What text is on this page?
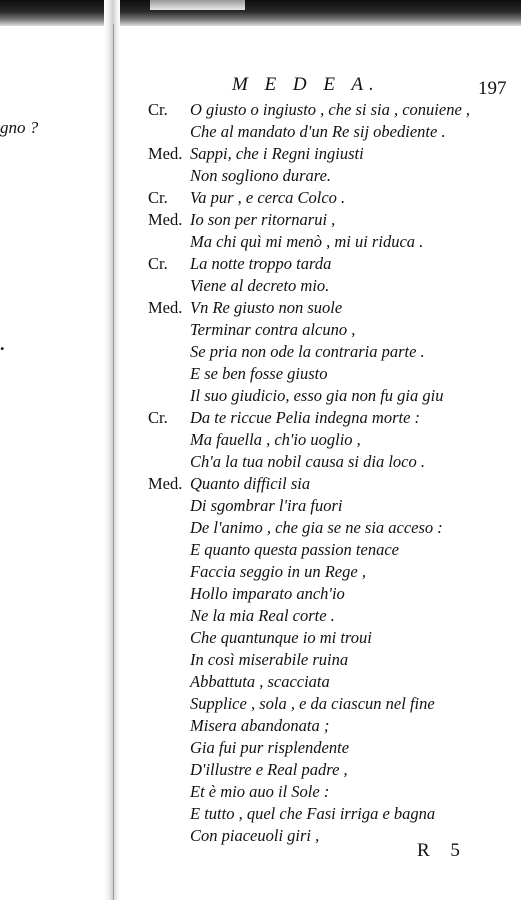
gno ?
.
M E D E A.	197
Cr. O giusto o ingiusto , che si sia , conuiene ,
Che al mandato d'un Re sij obediente .
Med. Sappi, che i Regni ingiusti
Non sogliono durare.
Cr. Va pur , e cerca Colco .
Med. Io son per ritornarui ,
Ma chi quì mi menò , mi ui riduca .
Cr. La notte troppo tarda
Viene al decreto mio.
Med. Vn Re giusto non suole
Terminar contra alcuno ,
Se pria non ode la contraria parte .
E se ben fosse giusto
Il suo giudicio, esso gia non fu gia giu
Cr. Da te riccue Pelia indegna morte :
Ma fauella , ch'io uoglio ,
Ch'a la tua nobil causa si dia loco .
Med. Quanto difficil sia
Di sgombrar l'ira fuori
De l'animo , che gia se ne sia acceso :
E quanto questa passion tenace
Faccia seggio in un Rege ,
Hollo imparato anch'io
Ne la mia Real corte .
Che quantunque io mi troui
In così miserabile ruina
Abbattuta , scacciata
Supplice , sola , e da ciascun nel fine
Misera abandonata ;
Gia fui pur risplendente
D'illustre e Real padre ,
Et è mio auo il Sole :
E tutto , quel che Fasi irriga e bagna
Con piaceuoli giri ,
R 5
